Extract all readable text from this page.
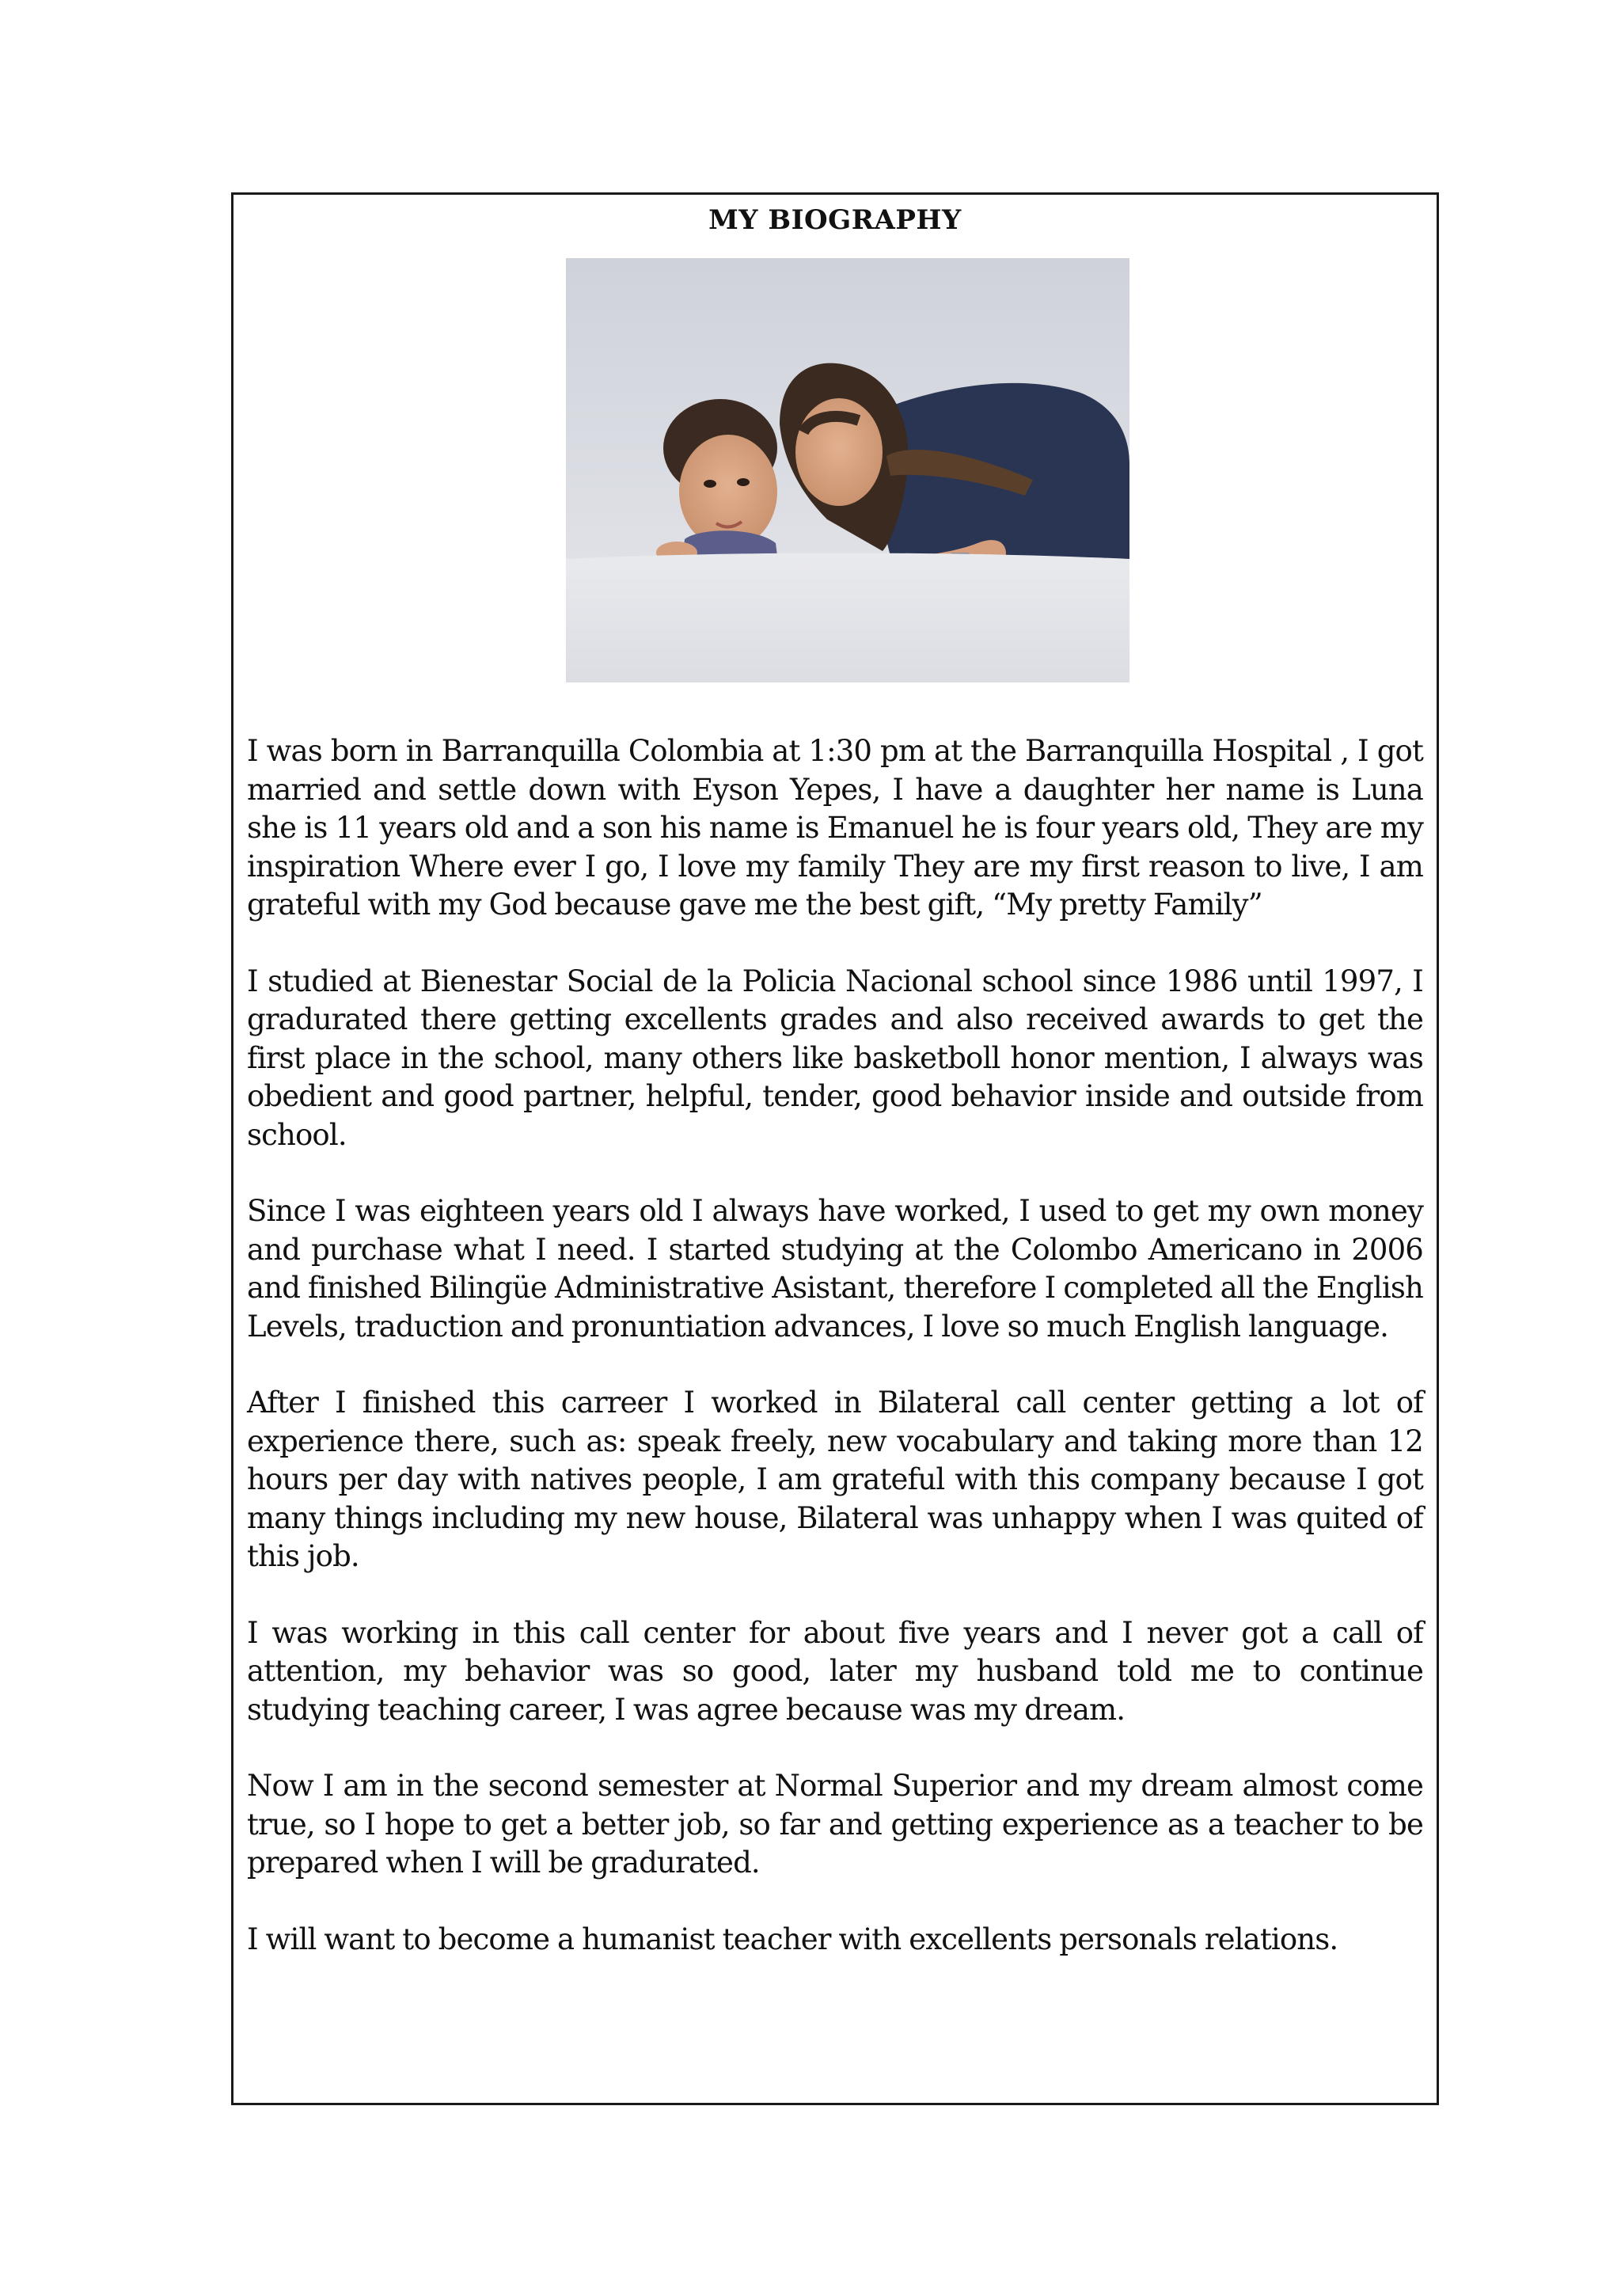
MY BIOGRAPHY

I was born in Barranquilla Colombia at 1:30 pm at the Barranquilla Hospital , I got married and settle down with Eyson Yepes, I have a daughter her name is Luna she is 11 years old and a son his name is Emanuel he is four years old, They are my inspiration Where ever I go, I love my family They are my first reason to live, I am grateful with my God because gave me the best gift, “My pretty Family”

I studied at Bienestar Social de la Policia Nacional school since 1986 until 1997, I gradurated there getting excellents grades and also received awards to get the first place in the school, many others like basketboll honor mention, I always was obedient and good partner, helpful, tender, good behavior inside and outside from school.

Since I was eighteen years old I always have worked, I used to get my own money and purchase what I need. I started studying at the Colombo Americano in 2006 and finished Bilingüe Administrative Asistant, therefore I completed all the English Levels, traduction and pronuntiation advances, I love so much English language.

After I finished this carreer I worked in Bilateral call center getting a lot of experience there, such as: speak freely, new vocabulary and taking more than 12 hours per day with natives people, I am grateful with this company because I got many things including my new house, Bilateral was unhappy when I was quited of this job.

I was working in this call center for about five years and I never got a call of attention, my behavior was so good, later my husband told me to continue studying teaching career, I was agree because was my dream.

Now I am in the second semester at Normal Superior and my dream almost come true, so I hope to get a better job, so far and getting experience as a teacher to be prepared when I will be gradurated.

I will want to become a humanist teacher with excellents personals relations.
